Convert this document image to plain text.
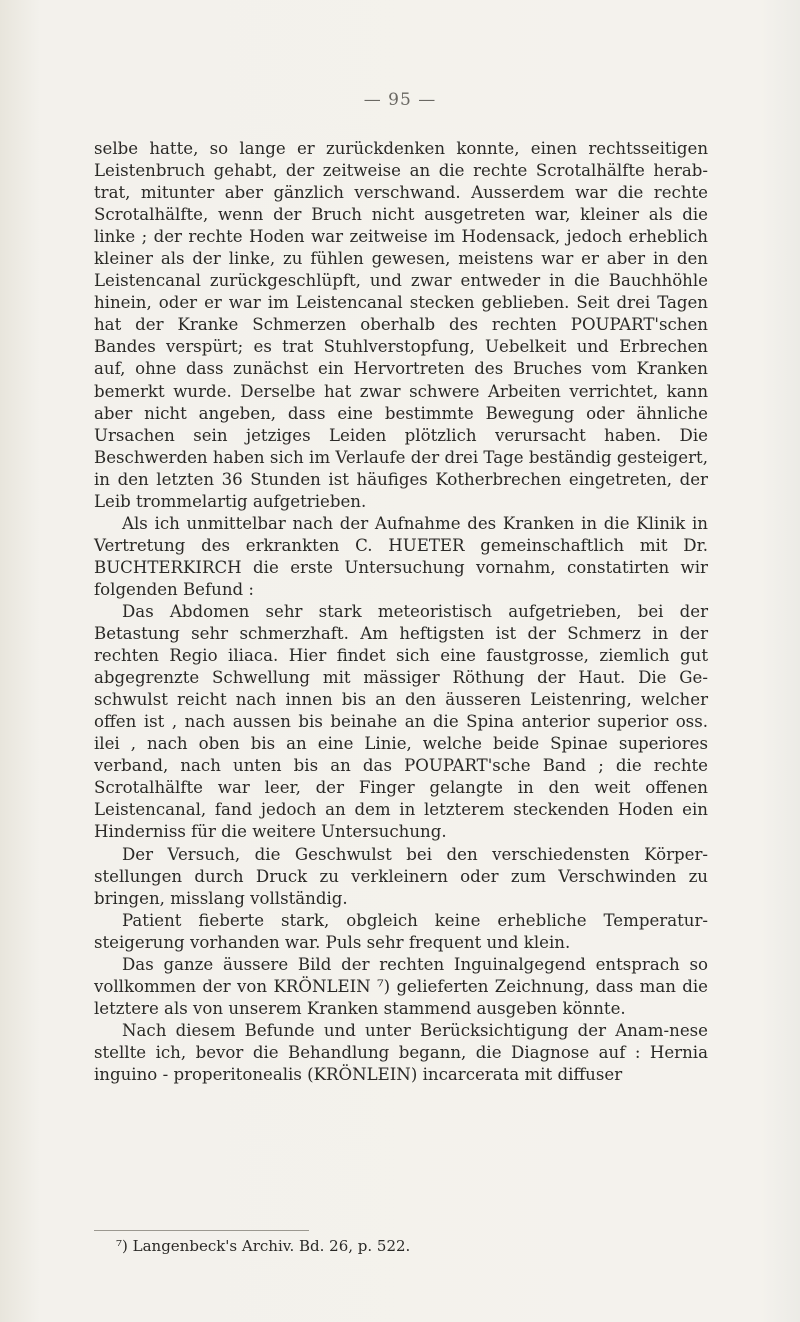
— 95 —

selbe hatte, so lange er zurückdenken konnte, einen rechtsseitigen Leistenbruch gehabt, der zeitweise an die rechte Scrotalhälfte herab-trat, mitunter aber gänzlich verschwand. Ausserdem war die rechte Scrotalhälfte, wenn der Bruch nicht ausgetreten war, kleiner als die linke ; der rechte Hoden war zeitweise im Hodensack, jedoch erheblich kleiner als der linke, zu fühlen gewesen, meistens war er aber in den Leistencanal zurückgeschlüpft, und zwar entweder in die Bauchhöhle hinein, oder er war im Leistencanal stecken geblieben. Seit drei Tagen hat der Kranke Schmerzen oberhalb des rechten POUPART'schen Bandes verspürt; es trat Stuhlverstopfung, Uebelkeit und Erbrechen auf, ohne dass zunächst ein Hervortreten des Bruches vom Kranken bemerkt wurde. Derselbe hat zwar schwere Arbeiten verrichtet, kann aber nicht angeben, dass eine bestimmte Bewegung oder ähnliche Ursachen sein jetziges Leiden plötzlich verursacht haben. Die Beschwerden haben sich im Verlaufe der drei Tage beständig gesteigert, in den letzten 36 Stunden ist häufiges Kotherbrechen eingetreten, der Leib trommelartig aufgetrieben.

Als ich unmittelbar nach der Aufnahme des Kranken in die Klinik in Vertretung des erkrankten C. HUETER gemeinschaftlich mit Dr. BUCHTERKIRCH die erste Untersuchung vornahm, constatirten wir folgenden Befund :

Das Abdomen sehr stark meteoristisch aufgetrieben, bei der Betastung sehr schmerzhaft. Am heftigsten ist der Schmerz in der rechten Regio iliaca. Hier findet sich eine faustgrosse, ziemlich gut abgegrenzte Schwellung mit mässiger Röthung der Haut. Die Ge-schwulst reicht nach innen bis an den äusseren Leistenring, welcher offen ist , nach aussen bis beinahe an die Spina anterior superior oss. ilei , nach oben bis an eine Linie, welche beide Spinae superiores verband, nach unten bis an das POUPART'sche Band ; die rechte Scrotalhälfte war leer, der Finger gelangte in den weit offenen Leistencanal, fand jedoch an dem in letzterem steckenden Hoden ein Hinderniss für die weitere Untersuchung.

Der Versuch, die Geschwulst bei den verschiedensten Körper-stellungen durch Druck zu verkleinern oder zum Verschwinden zu bringen, misslang vollständig.

Patient fieberte stark, obgleich keine erhebliche Temperatur-steigerung vorhanden war. Puls sehr frequent und klein.

Das ganze äussere Bild der rechten Inguinalgegend entsprach so vollkommen der von KRÖNLEIN ⁷) gelieferten Zeichnung, dass man die letztere als von unserem Kranken stammend ausgeben könnte.

Nach diesem Befunde und unter Berücksichtigung der Anam-nese stellte ich, bevor die Behandlung begann, die Diagnose auf : Hernia inguino - properitonealis (KRÖNLEIN) incarcerata mit diffuser

⁷) Langenbeck's Archiv. Bd. 26, p. 522.
